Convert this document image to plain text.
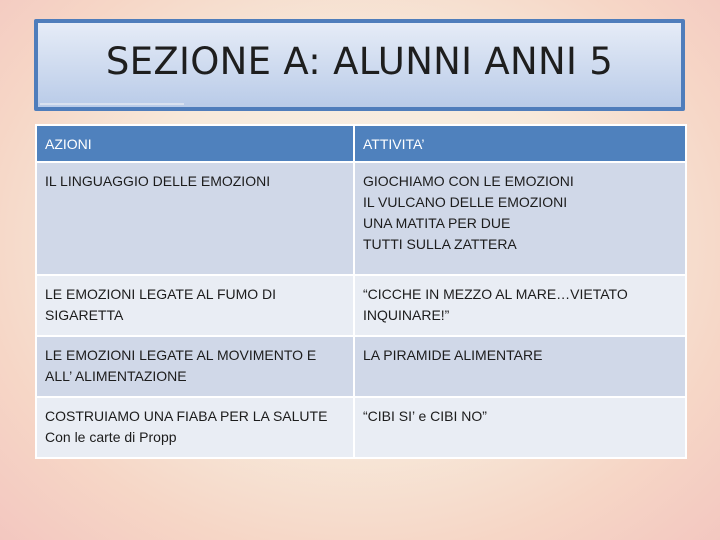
SEZIONE A: ALUNNI ANNI 5
AZIONI	ATTIVITA’

IL LINGUAGGIO DELLE EMOZIONI	GIOCHIAMO CON LE EMOZIONI
IL VULCANO DELLE EMOZIONI
UNA MATITA PER DUE
TUTTI SULLA ZATTERA

LE EMOZIONI LEGATE AL FUMO DI
SIGARETTA	“CICCHE IN MEZZO AL MARE…VIETATO
INQUINARE!”

LE EMOZIONI LEGATE AL MOVIMENTO E
ALL’ ALIMENTAZIONE	LA PIRAMIDE ALIMENTARE

COSTRUIAMO UNA FIABA PER LA SALUTE
Con le carte di Propp	“CIBI SI’ e CIBI NO”
